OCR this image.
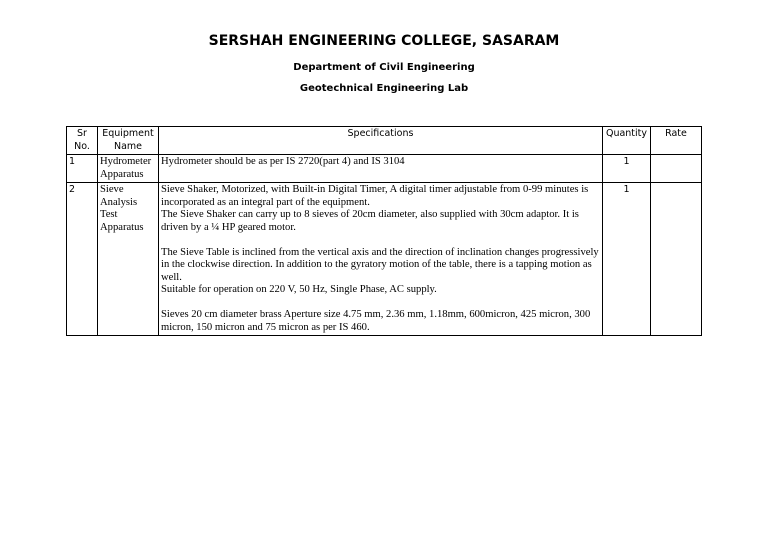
SERSHAH ENGINEERING COLLEGE, SASARAM
Department of Civil Engineering
Geotechnical Engineering Lab
Sr No.	Equipment Name	Specifications	Quantity	Rate
1	Hydrometer Apparatus	Hydrometer should be as per IS 2720(part 4) and IS 3104	1	
2	Sieve Analysis Test Apparatus	Sieve Shaker, Motorized, with Built-in Digital Timer, A digital timer adjustable from 0-99 minutes is incorporated as an integral part of the equipment.
The Sieve Shaker can carry up to 8 sieves of 20cm diameter, also supplied with 30cm adaptor. It is driven by a ¼ HP geared motor.
The Sieve Table is inclined from the vertical axis and the direction of inclination changes progressively in the clockwise direction. In addition to the gyratory motion of the table, there is a tapping motion as well.
Suitable for operation on 220 V, 50 Hz, Single Phase, AC supply.
Sieves 20 cm diameter brass Aperture size 4.75 mm, 2.36 mm, 1.18mm, 600micron, 425 micron, 300 micron, 150 micron and 75 micron as per IS 460.	1	
